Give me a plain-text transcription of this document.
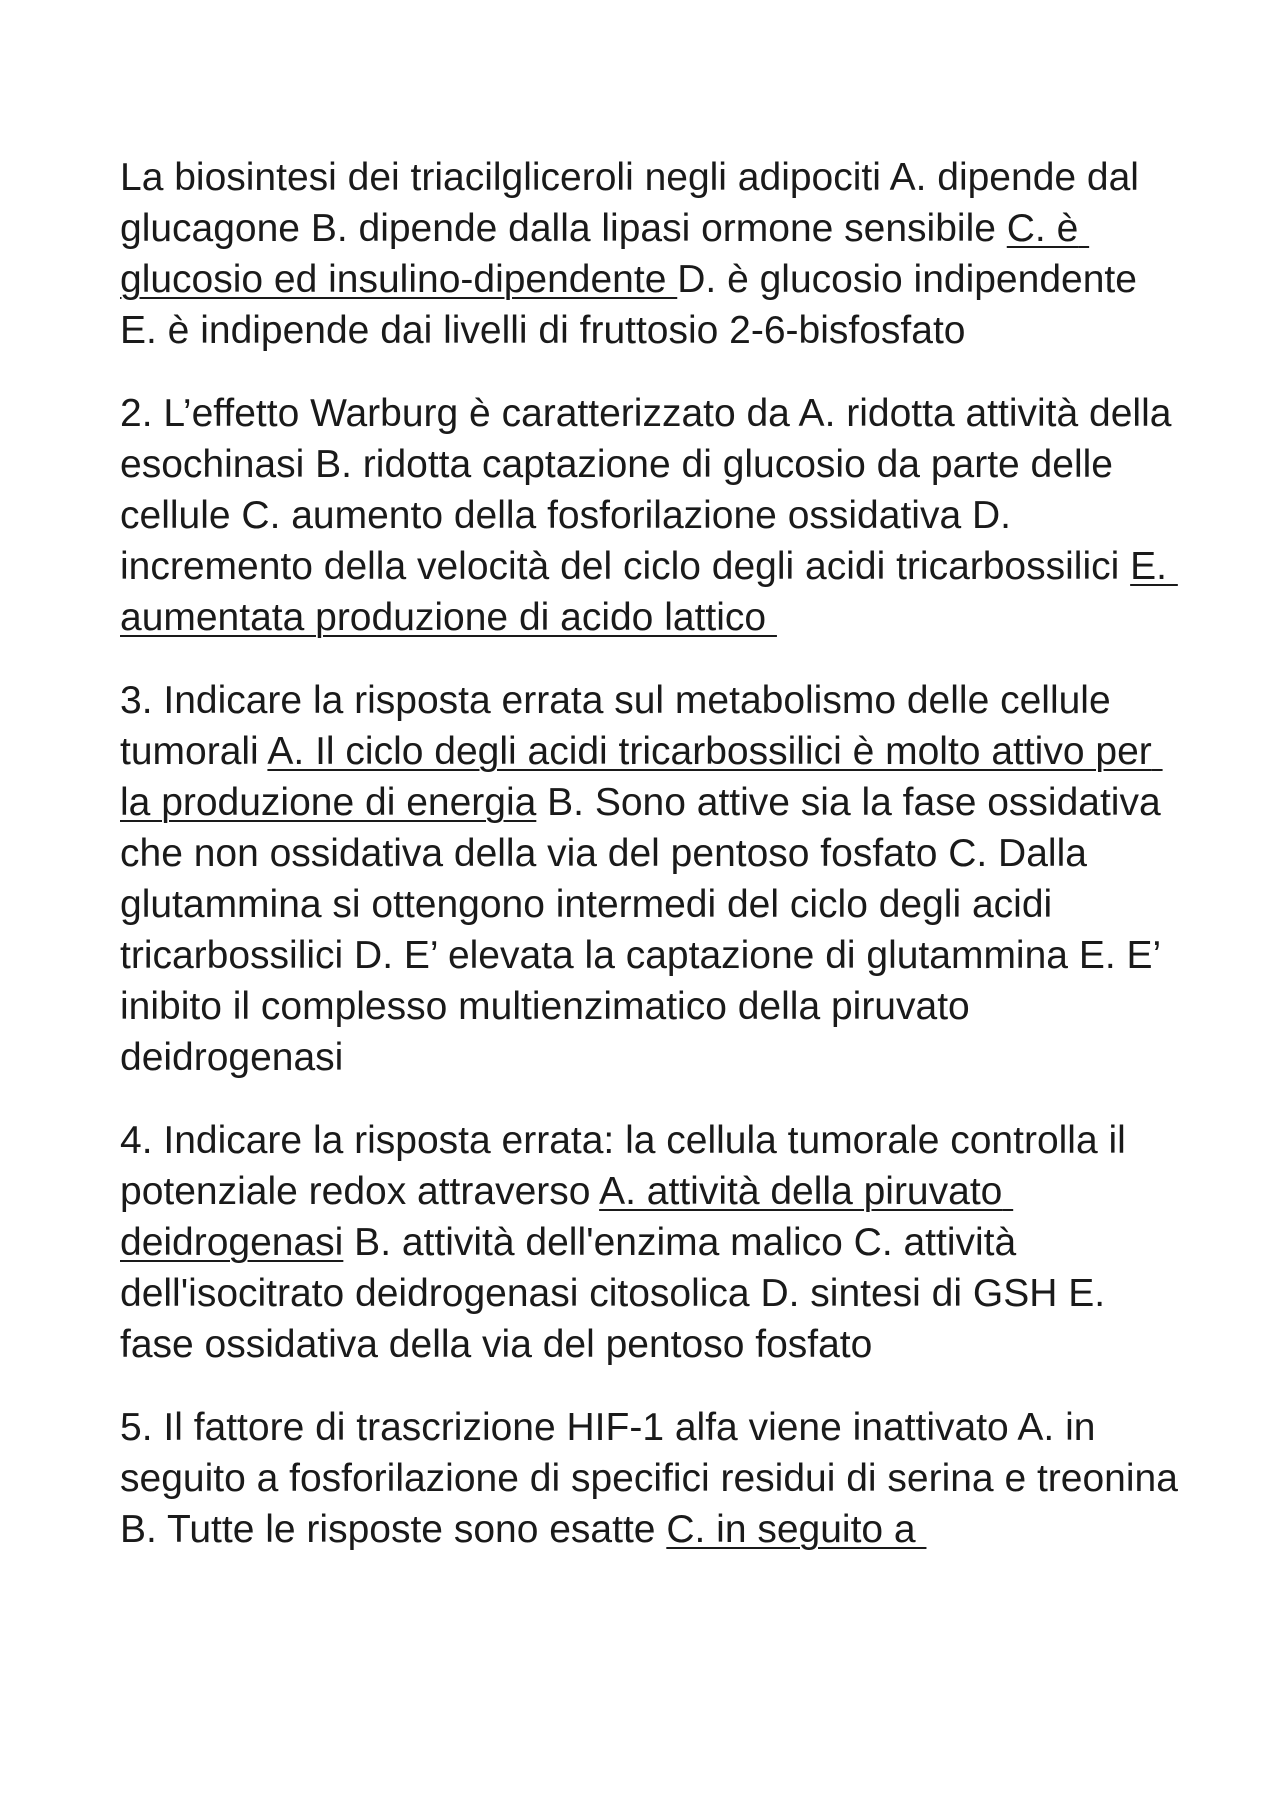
La biosintesi dei triacilgliceroli negli adipociti A. dipende dal glucagone B. dipende dalla lipasi ormone sensibile C. è glucosio ed insulino-dipendente D. è glucosio indipendente E. è indipende dai livelli di fruttosio 2-6-bisfosfato

2. L’effetto Warburg è caratterizzato da A. ridotta attività della esochinasi B. ridotta captazione di glucosio da parte delle cellule C. aumento della fosforilazione ossidativa D. incremento della velocità del ciclo degli acidi tricarbossilici E. aumentata produzione di acido lattico

3. Indicare la risposta errata sul metabolismo delle cellule tumorali A. Il ciclo degli acidi tricarbossilici è molto attivo per la produzione di energia B. Sono attive sia la fase ossidativa che non ossidativa della via del pentoso fosfato C. Dalla glutammina si ottengono intermedi del ciclo degli acidi tricarbossilici D. E’ elevata la captazione di glutammina E. E’ inibito il complesso multienzimatico della piruvato deidrogenasi

4. Indicare la risposta errata: la cellula tumorale controlla il potenziale redox attraverso A. attività della piruvato deidrogenasi B. attività dell'enzima malico C. attività dell'isocitrato deidrogenasi citosolica D. sintesi di GSH E. fase ossidativa della via del pentoso fosfato

5. Il fattore di trascrizione HIF-1 alfa viene inattivato A. in seguito a fosforilazione di specifici residui di serina e treonina B. Tutte le risposte sono esatte C. in seguito a
